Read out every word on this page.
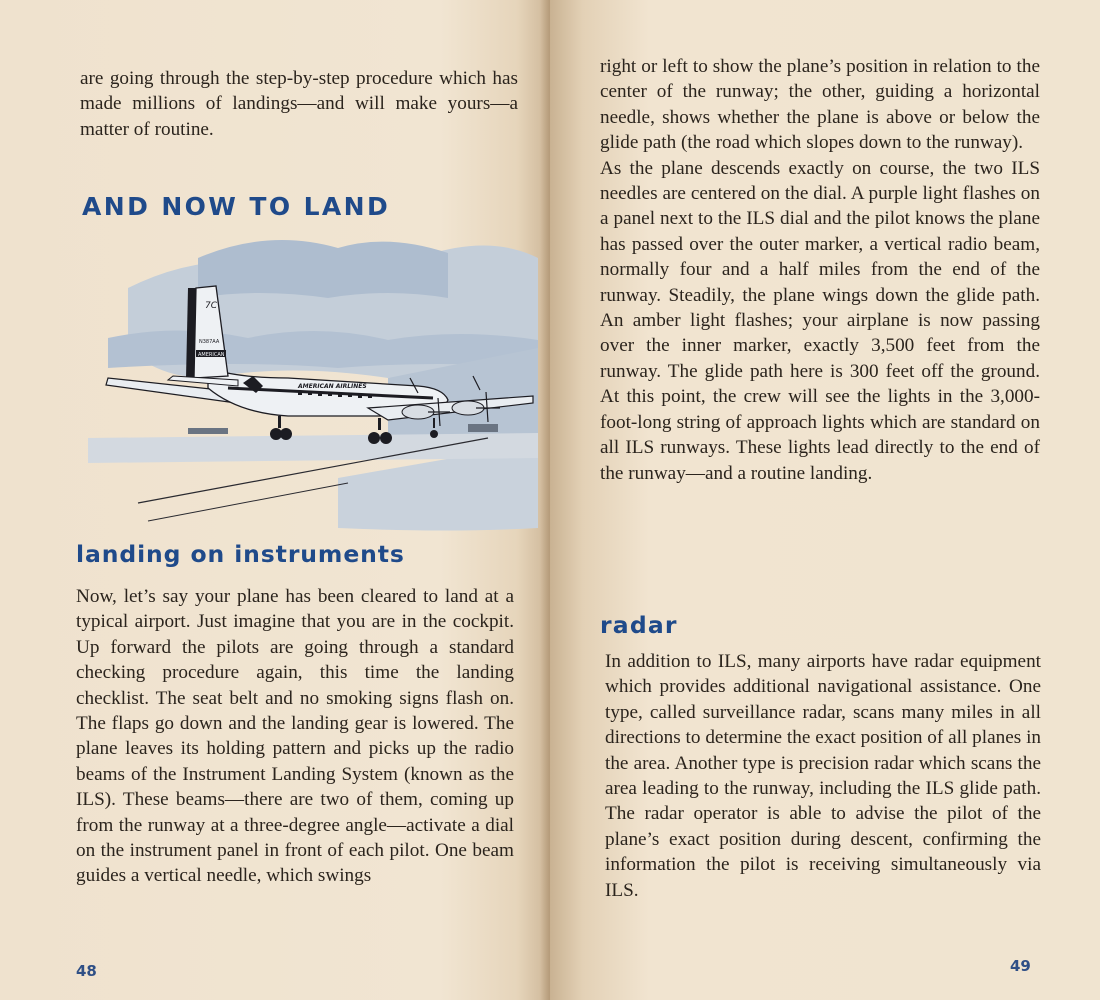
are going through the step-by-step procedure which has made millions of landings—and will make yours—a matter of routine.

AND NOW TO LAND
7C
N387AA
AMERICAN
AMERICAN AIRLINES
landing on instruments

Now, let’s say your plane has been cleared to land at a typical airport. Just imagine that you are in the cockpit. Up forward the pilots are going through a standard checking procedure again, this time the landing checklist. The seat belt and no smoking signs flash on. The flaps go down and the landing gear is lowered. The plane leaves its holding pattern and picks up the radio beams of the Instrument Landing System (known as the ILS). These beams—there are two of them, coming up from the runway at a three-degree angle—activate a dial on the instrument panel in front of each pilot. One beam guides a vertical needle, which swings

48

right or left to show the plane’s position in relation to the center of the runway; the other, guiding a horizontal needle, shows whether the plane is above or below the glide path (the road which slopes down to the runway).

As the plane descends exactly on course, the two ILS needles are centered on the dial. A purple light flashes on a panel next to the ILS dial and the pilot knows the plane has passed over the outer marker, a vertical radio beam, normally four and a half miles from the end of the runway. Steadily, the plane wings down the glide path. An amber light flashes; your airplane is now passing over the inner marker, exactly 3,500 feet from the runway. The glide path here is 300 feet off the ground. At this point, the crew will see the lights in the 3,000-foot-long string of approach lights which are standard on all ILS runways. These lights lead directly to the end of the runway—and a routine landing.

radar

In addition to ILS, many airports have radar equipment which provides additional navigational assistance. One type, called surveillance radar, scans many miles in all directions to determine the exact position of all planes in the area. Another type is precision radar which scans the area leading to the runway, including the ILS glide path. The radar operator is able to advise the pilot of the plane’s exact position during descent, confirming the information the pilot is receiving simultaneously via ILS.

49
